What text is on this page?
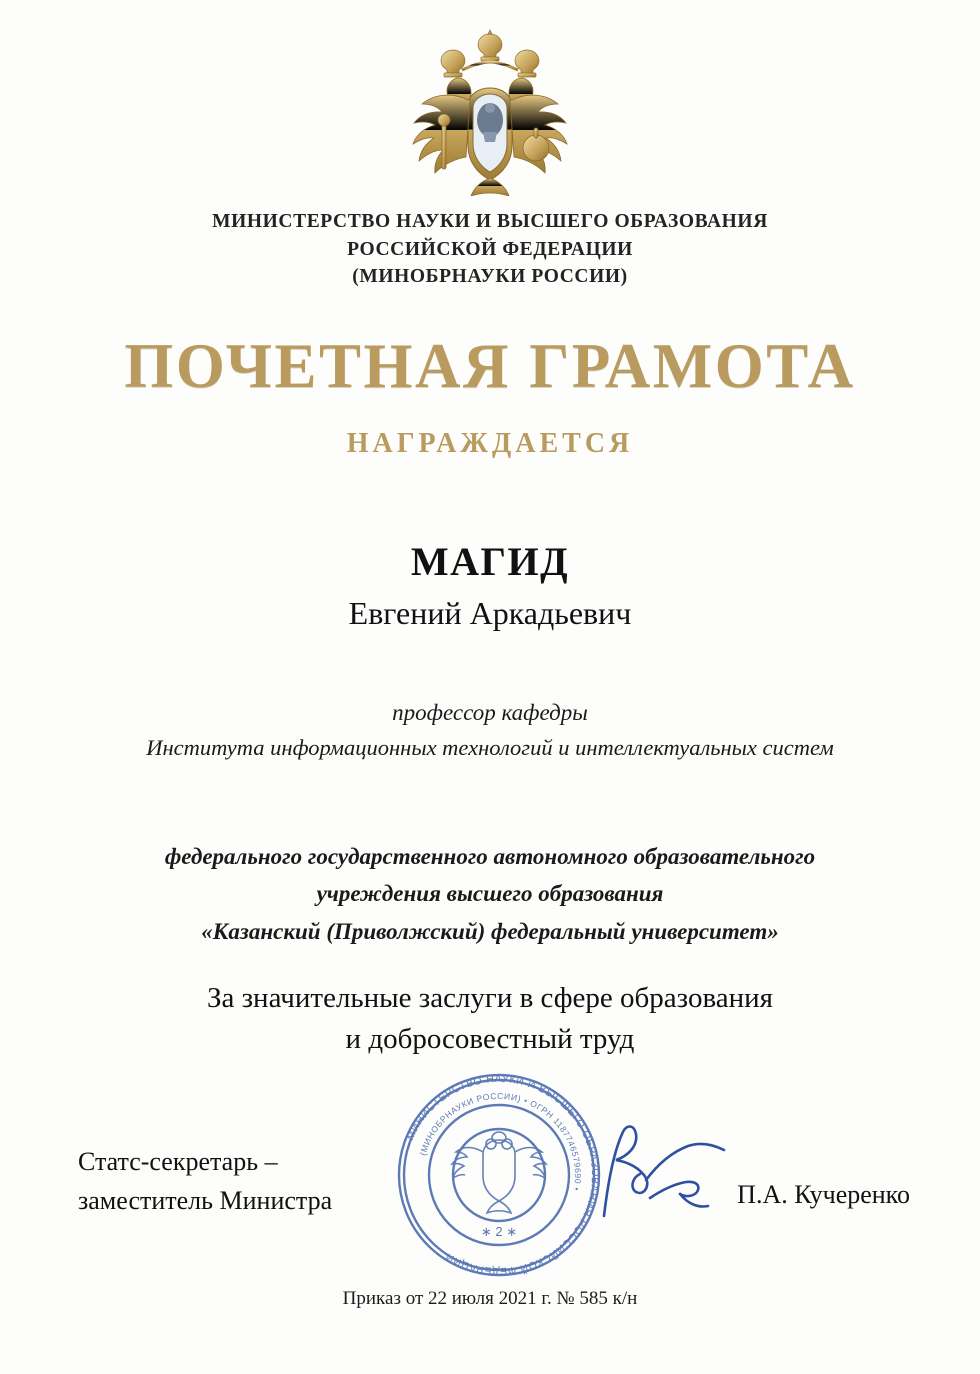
МИНИСТЕРСТВО НАУКИ И ВЫСШЕГО ОБРАЗОВАНИЯ
РОССИЙСКОЙ ФЕДЕРАЦИИ
(МИНОБРНАУКИ РОССИИ)
ПОЧЕТНАЯ ГРАМОТА
НАГРАЖДАЕТСЯ
МАГИД
Евгений Аркадьевич
профессор кафедры
Института информационных технологий и интеллектуальных систем
федерального государственного автономного образовательного
учреждения высшего образования
«Казанский (Приволжский) федеральный университет»
За значительные заслуги в сфере образования
и добросовестный труд
Статс-секретарь –
заместитель Министра
МИНИСТЕРСТВО НАУКИ И ВЫСШЕГО ОБРАЗОВАНИЯ РОССИЙСКОЙ ФЕДЕРАЦИИ
(МИНОБРНАУКИ РОССИИ) • ОГРН 1187746579690 •
∗ 2 ∗
П.А. Кучеренко
Приказ от 22 июля 2021 г. № 585 к/н
